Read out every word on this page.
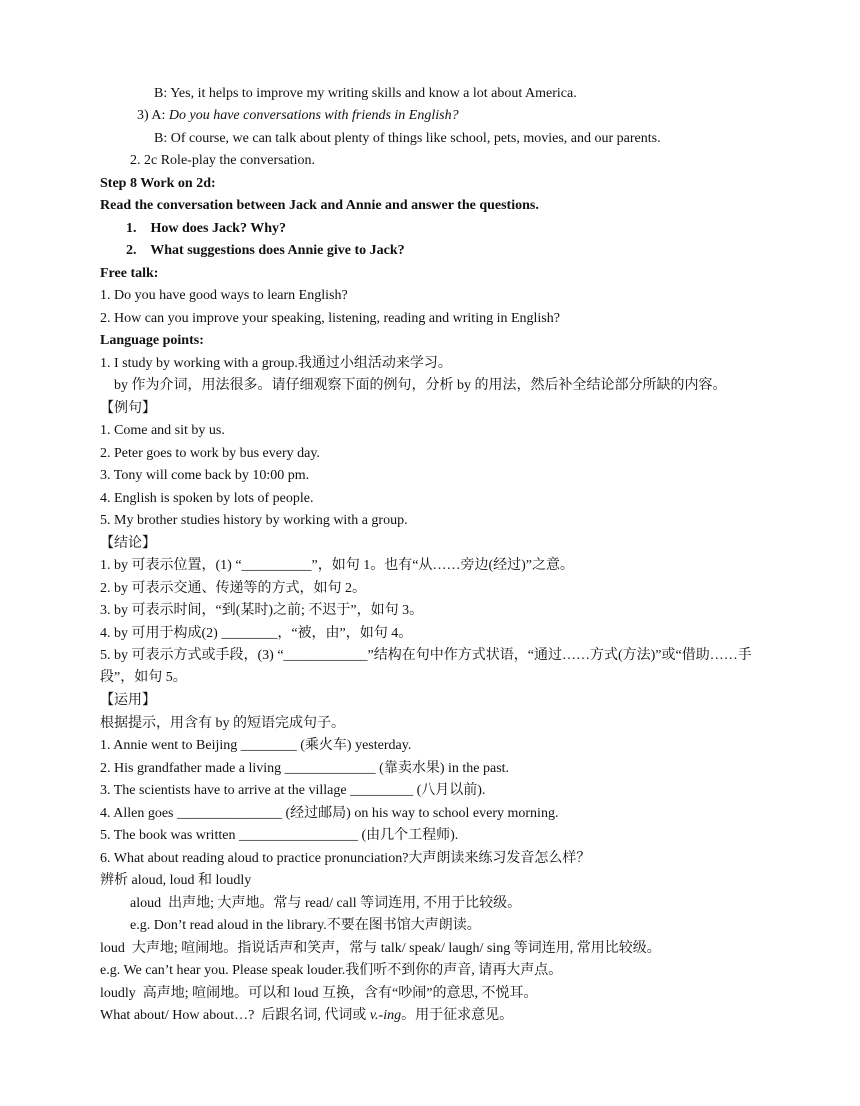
B: Yes, it helps to improve my writing skills and know a lot about America.
3) A: Do you have conversations with friends in English?
B: Of course, we can talk about plenty of things like school, pets, movies, and our parents.
2. 2c Role-play the conversation.
Step 8 Work on 2d:
Read the conversation between Jack and Annie and answer the questions.
1.    How does Jack? Why?
2.    What suggestions does Annie give to Jack?
Free talk:
1. Do you have good ways to learn English?
2. How can you improve your speaking, listening, reading and writing in English?
Language points:
1. I study by working with a group.我通过小组活动来学习。
by 作为介词，用法很多。请仔细观察下面的例句，分析 by 的用法，然后补全结论部分所缺的内容。
【例句】
1. Come and sit by us.
2. Peter goes to work by bus every day.
3. Tony will come back by 10:00 pm.
4. English is spoken by lots of people.
5. My brother studies history by working with a group.
【结论】
1. by 可表示位置，(1) “__________”，如句 1。也有“从……旁边(经过)”之意。
2. by 可表示交通、传递等的方式，如句 2。
3. by 可表示时间，“到(某时)之前; 不迟于”，如句 3。
4. by 可用于构成(2) ________，“被，由”，如句 4。
5. by 可表示方式或手段，(3) “____________”结构在句中作方式状语，“通过……方式(方法)”或“借助……手段”，如句 5。
【运用】
根据提示，用含有 by 的短语完成句子。
1. Annie went to Beijing ________ (乘火车) yesterday.
2. His grandfather made a living _____________ (靠卖水果) in the past.
3. The scientists have to arrive at the village _________ (八月以前).
4. Allen goes _______________ (经过邮局) on his way to school every morning.
5. The book was written _________________ (由几个工程师).
6. What about reading aloud to practice pronunciation?大声朗读来练习发音怎么样？
辨析 aloud, loud 和 loudly
aloud  出声地; 大声地。常与 read/ call 等词连用, 不用于比较级。
e.g. Don’t read aloud in the library.不要在图书馆大声朗读。
loud  大声地; 喧闹地。指说话声和笑声，常与 talk/ speak/ laugh/ sing 等词连用, 常用比较级。
e.g. We can’t hear you. Please speak louder.我们听不到你的声音, 请再大声点。
loudly  高声地; 喧闹地。可以和 loud 互换，含有“吵闹”的意思, 不悦耳。
What about/ How about…?  后跟名词, 代词或 v.-ing。用于征求意见。
